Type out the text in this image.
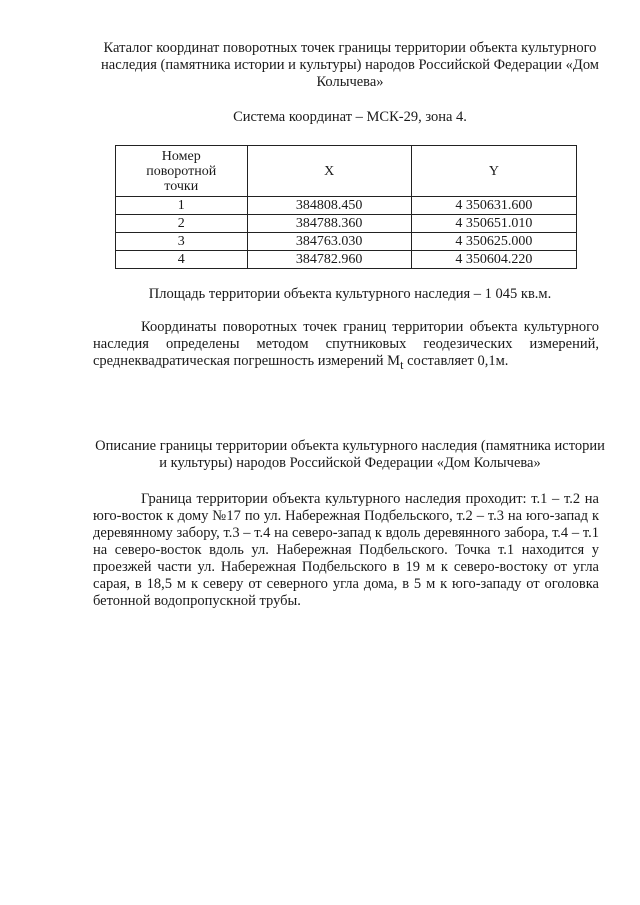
Каталог координат поворотных точек границы территории объекта культурного наследия (памятника истории и культуры) народов Российской Федерации «Дом Колычева»

Система координат – МСК-29, зона 4.

Номер
поворотной
точки	X	Y
1	384808.450	4 350631.600
2	384788.360	4 350651.010
3	384763.030	4 350625.000
4	384782.960	4 350604.220

Площадь территории объекта культурного наследия – 1 045 кв.м.

Координаты поворотных точек границ территории объекта культурного наследия определены методом спутниковых геодезических измерений, среднеквадратическая погрешность измерений $M_t$ составляет 0,1м.

Описание границы территории объекта культурного наследия (памятника истории и культуры) народов Российской Федерации «Дом Колычева»

Граница территории объекта культурного наследия проходит: т.1 – т.2 на юго-восток к дому №17 по ул. Набережная Подбельского, т.2 – т.3 на юго-запад к деревянному забору, т.3 – т.4 на северо-запад к вдоль деревянного забора, т.4 – т.1 на северо-восток вдоль ул. Набережная Подбельского. Точка т.1 находится у проезжей части ул. Набережная Подбельского в 19 м к северо-востоку от угла сарая, в 18,5 м к северу от северного угла дома, в 5 м к юго-западу от оголовка бетонной водопропускной трубы.
